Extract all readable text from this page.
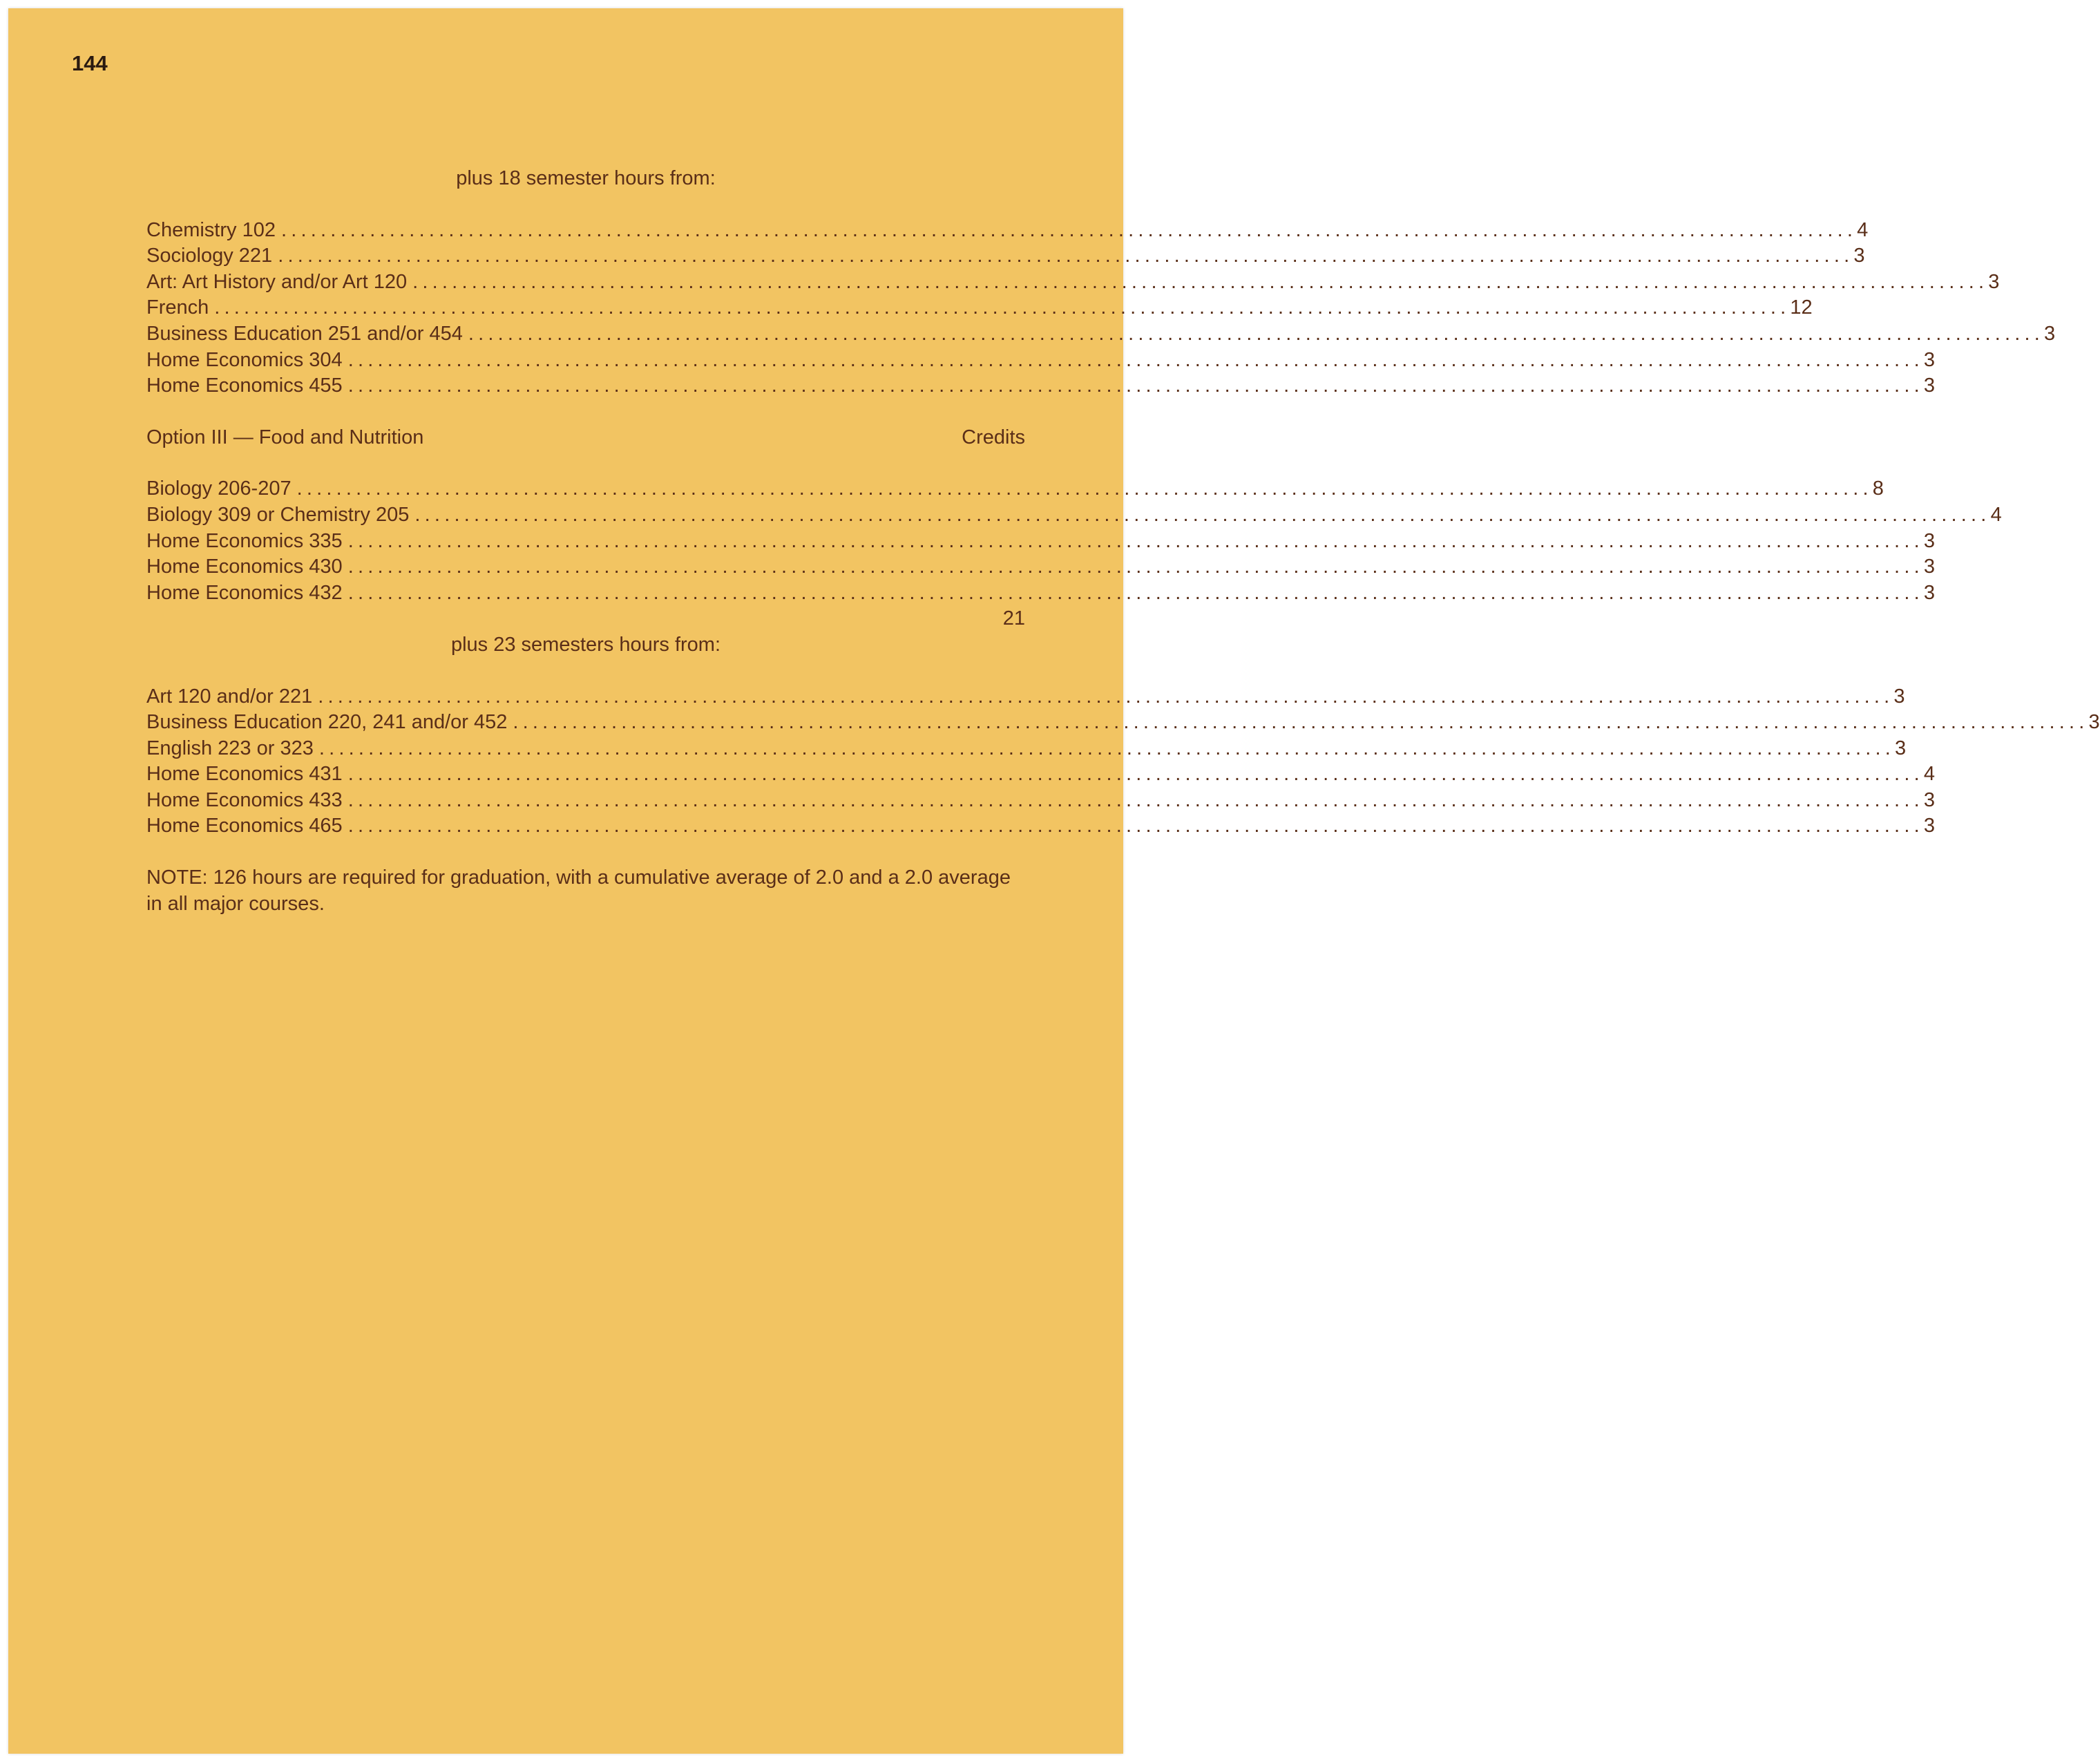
144
plus 18 semester hours from:
Chemistry 102 ................................................................................................................................................................ 4
Sociology 221 ................................................................................................................................................................ 3
Art: Art History and/or Art 120 ................................................................................................................................................................ 3
French ................................................................................................................................................................ 12
Business Education 251 and/or 454 ................................................................................................................................................................ 3
Home Economics 304 ................................................................................................................................................................ 3
Home Economics 455 ................................................................................................................................................................ 3
Option III — Food and Nutrition	Credits
Biology 206-207 ................................................................................................................................................................ 8
Biology 309 or Chemistry 205 ................................................................................................................................................................ 4
Home Economics 335 ................................................................................................................................................................ 3
Home Economics 430 ................................................................................................................................................................ 3
Home Economics 432 ................................................................................................................................................................ 3
21
plus 23 semesters hours from:
Art 120 and/or 221 ................................................................................................................................................................ 3
Business Education 220, 241 and/or 452 ................................................................................................................................................................ 3
English 223 or 323 ................................................................................................................................................................ 3
Home Economics 431 ................................................................................................................................................................ 4
Home Economics 433 ................................................................................................................................................................ 3
Home Economics 465 ................................................................................................................................................................ 3
NOTE: 126 hours are required for graduation, with a cumulative average of 2.0 and a 2.0 average in all major courses.
